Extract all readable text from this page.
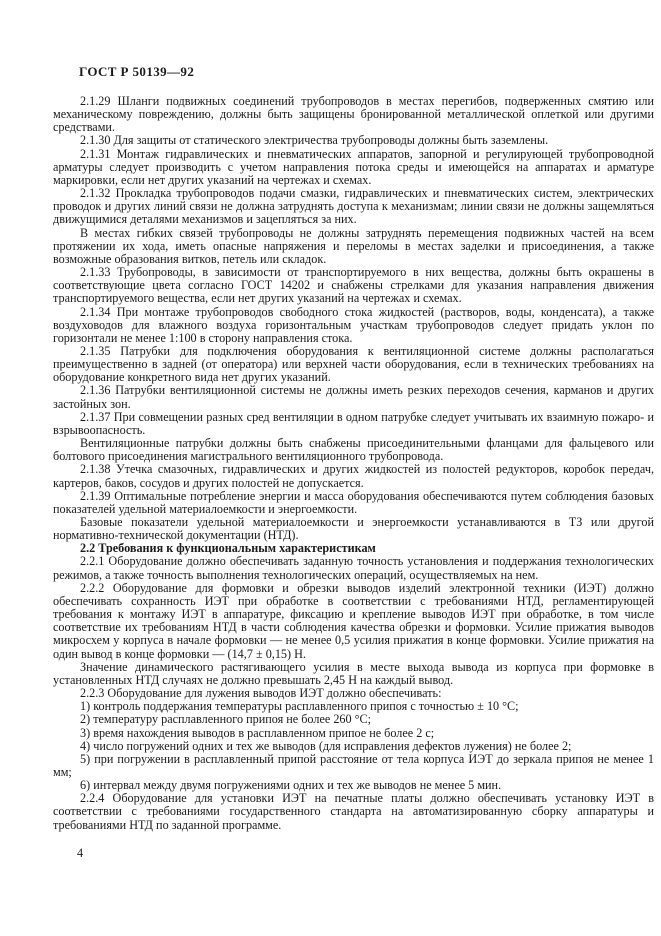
ГОСТ Р 50139—92

2.1.29 Шланги подвижных соединений трубопроводов в местах перегибов, подверженных смятию или механическому повреждению, должны быть защищены бронированной металлической оплеткой или другими средствами.

2.1.30 Для защиты от статического электричества трубопроводы должны быть заземлены.

2.1.31 Монтаж гидравлических и пневматических аппаратов, запорной и регулирующей трубопроводной арматуры следует производить с учетом направления потока среды и имеющейся на аппаратах и арматуре маркировки, если нет других указаний на чертежах и схемах.

2.1.32 Прокладка трубопроводов подачи смазки, гидравлических и пневматических систем, электрических проводок и других линий связи не должна затруднять доступа к механизмам; линии связи не должны защемляться движущимися деталями механизмов и зацепляться за них.

В местах гибких связей трубопроводы не должны затруднять перемещения подвижных частей на всем протяжении их хода, иметь опасные напряжения и переломы в местах заделки и присоединения, а также возможные образования витков, петель или складок.

2.1.33 Трубопроводы, в зависимости от транспортируемого в них вещества, должны быть окрашены в соответствующие цвета согласно ГОСТ 14202 и снабжены стрелками для указания направления движения транспортируемого вещества, если нет других указаний на чертежах и схемах.

2.1.34 При монтаже трубопроводов свободного стока жидкостей (растворов, воды, конденсата), а также воздуховодов для влажного воздуха горизонтальным участкам трубопроводов следует придать уклон по горизонтали не менее 1:100 в сторону направления стока.

2.1.35 Патрубки для подключения оборудования к вентиляционной системе должны располагаться преимущественно в задней (от оператора) или верхней части оборудования, если в технических требованиях на оборудование конкретного вида нет других указаний.

2.1.36 Патрубки вентиляционной системы не должны иметь резких переходов сечения, карманов и других застойных зон.

2.1.37 При совмещении разных сред вентиляции в одном патрубке следует учитывать их взаимную пожаро- и взрывоопасность.

Вентиляционные патрубки должны быть снабжены присоединительными фланцами для фальцевого или болтового присоединения магистрального вентиляционного трубопровода.

2.1.38 Утечка смазочных, гидравлических и других жидкостей из полостей редукторов, коробок передач, картеров, баков, сосудов и других полостей не допускается.

2.1.39 Оптимальные потребление энергии и масса оборудования обеспечиваются путем соблюдения базовых показателей удельной материалоемкости и энергоемкости.

Базовые показатели удельной материалоемкости и энергоемкости устанавливаются в ТЗ или другой нормативно-технической документации (НТД).

2.2 Требования к функциональным характеристикам

2.2.1 Оборудование должно обеспечивать заданную точность установления и поддержания технологических режимов, а также точность выполнения технологических операций, осуществляемых на нем.

2.2.2 Оборудование для формовки и обрезки выводов изделий электронной техники (ИЭТ) должно обеспечивать сохранность ИЭТ при обработке в соответствии с требованиями НТД, регламентирующей требования к монтажу ИЭТ в аппаратуре, фиксацию и крепление выводов ИЭТ при обработке, в том числе соответствие их требованиям НТД в части соблюдения качества обрезки и формовки. Усилие прижатия выводов микросхем у корпуса в начале формовки — не менее 0,5 усилия прижатия в конце формовки. Усилие прижатия на один вывод в конце формовки — (14,7 ± 0,15) Н.

Значение динамического растягивающего усилия в месте выхода вывода из корпуса при формовке в установленных НТД случаях не должно превышать 2,45 Н на каждый вывод.

2.2.3 Оборудование для лужения выводов ИЭТ должно обеспечивать:

1) контроль поддержания температуры расплавленного припоя с точностью ± 10 °С;

2) температуру расплавленного припоя не более 260 °С;

3) время нахождения выводов в расплавленном припое не более 2 с;

4) число погружений одних и тех же выводов (для исправления дефектов лужения) не более 2;

5) при погружении в расплавленный припой расстояние от тела корпуса ИЭТ до зеркала припоя не менее 1 мм;

6) интервал между двумя погружениями одних и тех же выводов не менее 5 мин.

2.2.4 Оборудование для установки ИЭТ на печатные платы должно обеспечивать установку ИЭТ в соответствии с требованиями государственного стандарта на автоматизированную сборку аппаратуры и требованиями НТД по заданной программе.

4
